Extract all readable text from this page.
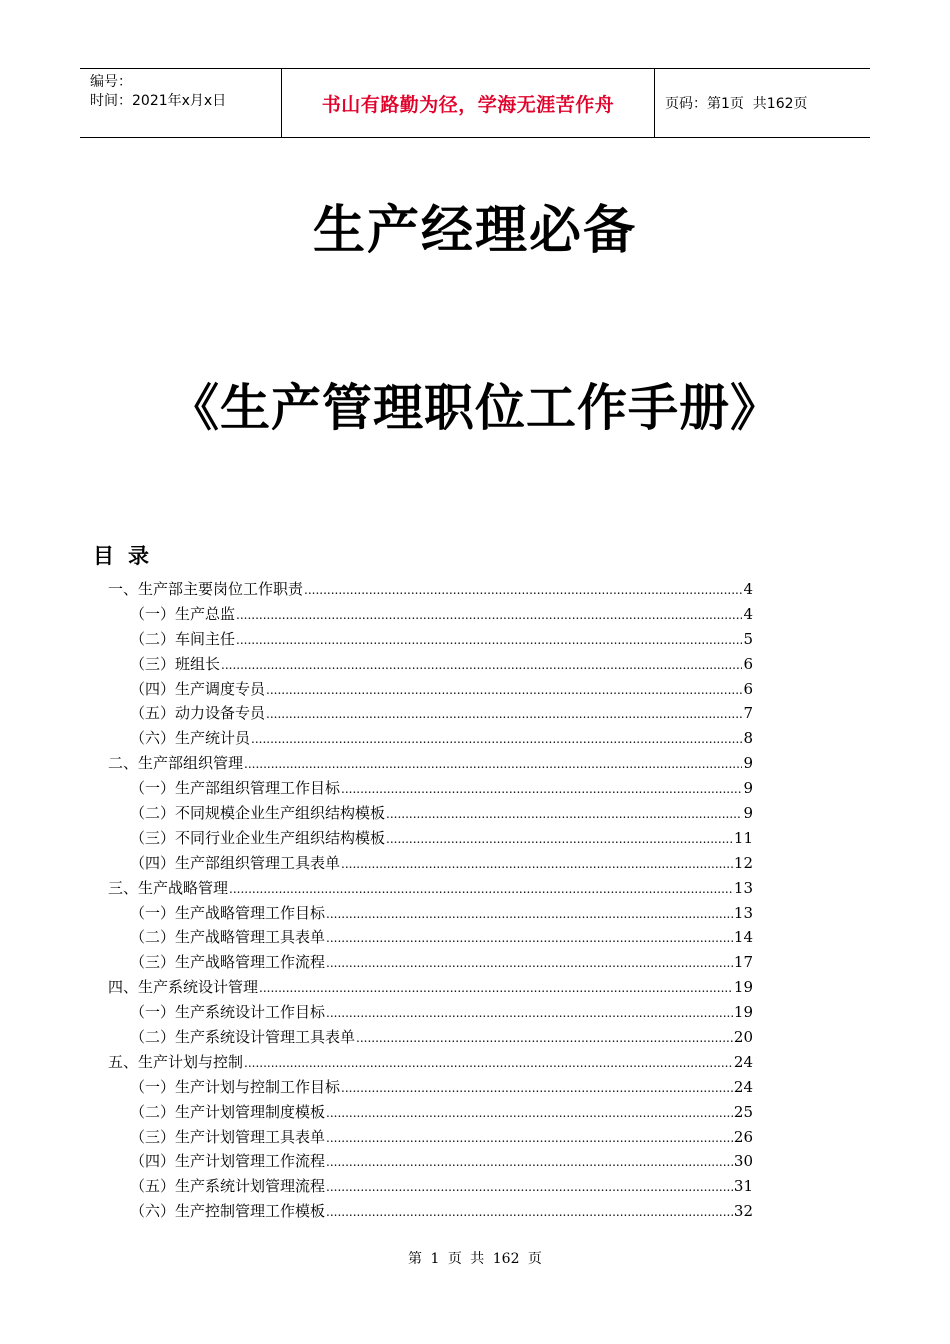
编号：
时间：2021年x月x日	书山有路勤为径，学海无涯苦作舟	页码：第1页  共162页
生产经理必备
《生产管理职位工作手册》
目录
一、生产部主要岗位工作职责 .....	4
（一）生产总监 .....	4
（二）车间主任 .....	5
（三）班组长 .....	6
（四）生产调度专员 .....	6
（五）动力设备专员 .....	7
（六）生产统计员 .....	8
二、生产部组织管理 .....	9
（一）生产部组织管理工作目标 .....	9
（二）不同规模企业生产组织结构模板 .....	9
（三）不同行业企业生产组织结构模板 .....	11
（四）生产部组织管理工具表单 .....	12
三、生产战略管理 .....	13
（一）生产战略管理工作目标 .....	13
（二）生产战略管理工具表单 .....	14
（三）生产战略管理工作流程 .....	17
四、生产系统设计管理 .....	19
（一）生产系统设计工作目标 .....	19
（二）生产系统设计管理工具表单 .....	20
五、生产计划与控制 .....	24
（一）生产计划与控制工作目标 .....	24
（二）生产计划管理制度模板 .....	25
（三）生产计划管理工具表单 .....	26
（四）生产计划管理工作流程 .....	30
（五）生产系统计划管理流程 .....	31
（六）生产控制管理工作模板 .....	32
第 1 页 共 162 页
